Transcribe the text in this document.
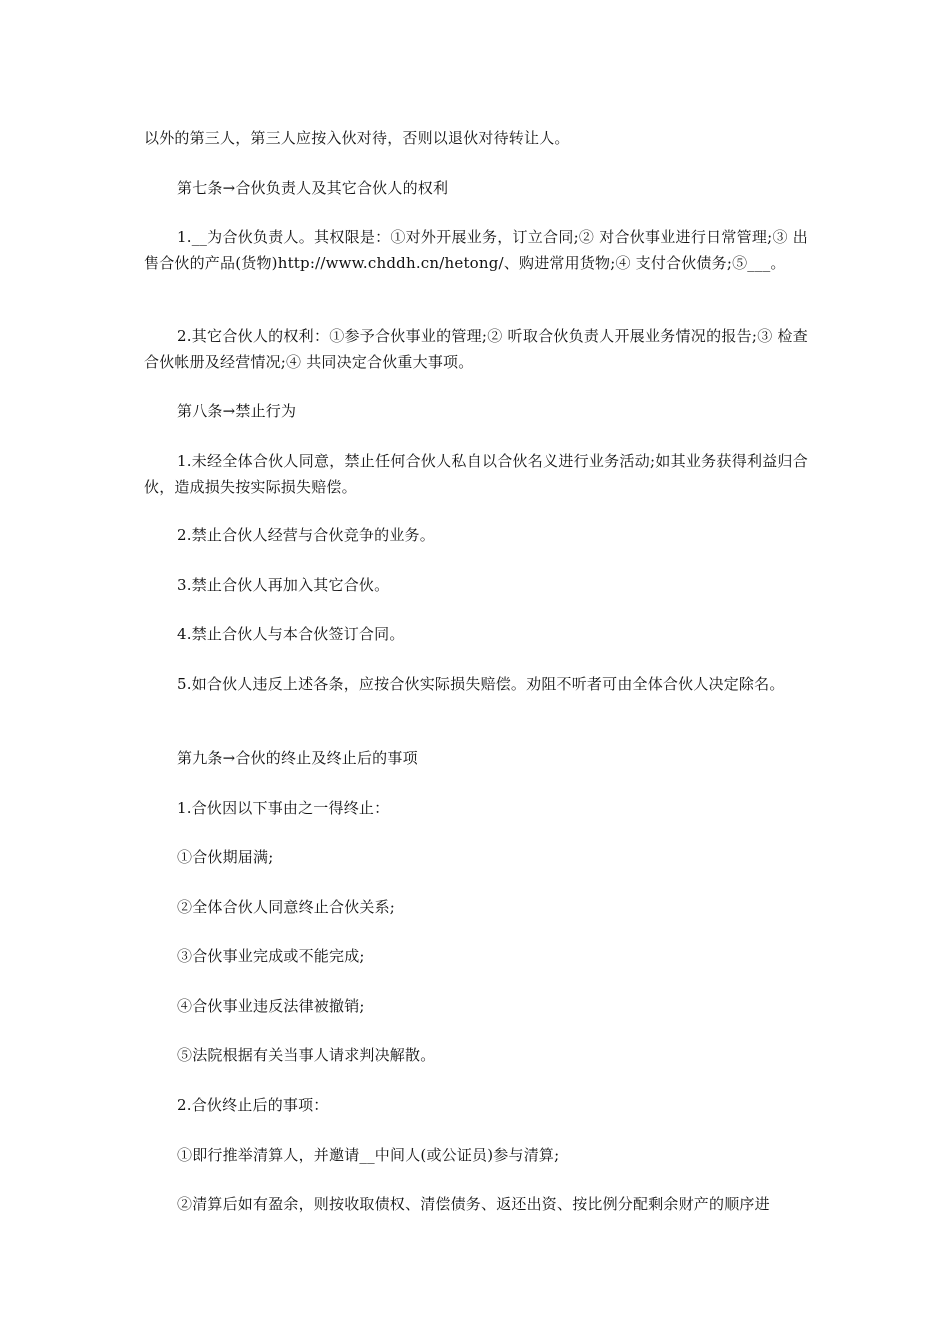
以外的第三人，第三人应按入伙对待，否则以退伙对待转让人。

第七条→合伙负责人及其它合伙人的权利

1.__为合伙负责人。其权限是：①对外开展业务，订立合同;② 对合伙事业进行日常管理;③ 出售合伙的产品(货物)http://www.chddh.cn/hetong/、购进常用货物;④ 支付合伙债务;⑤___。

2.其它合伙人的权利：①参予合伙事业的管理;② 听取合伙负责人开展业务情况的报告;③ 检查合伙帐册及经营情况;④ 共同决定合伙重大事项。

第八条→禁止行为

1.未经全体合伙人同意，禁止任何合伙人私自以合伙名义进行业务活动;如其业务获得利益归合伙，造成损失按实际损失赔偿。

2.禁止合伙人经营与合伙竞争的业务。

3.禁止合伙人再加入其它合伙。

4.禁止合伙人与本合伙签订合同。

5.如合伙人违反上述各条，应按合伙实际损失赔偿。劝阻不听者可由全体合伙人决定除名。

第九条→合伙的终止及终止后的事项

1.合伙因以下事由之一得终止：

①合伙期届满;

②全体合伙人同意终止合伙关系;

③合伙事业完成或不能完成;

④合伙事业违反法律被撤销;

⑤法院根据有关当事人请求判决解散。

2.合伙终止后的事项：

①即行推举清算人，并邀请__中间人(或公证员)参与清算;

②清算后如有盈余，则按收取债权、清偿债务、返还出资、按比例分配剩余财产的顺序进
